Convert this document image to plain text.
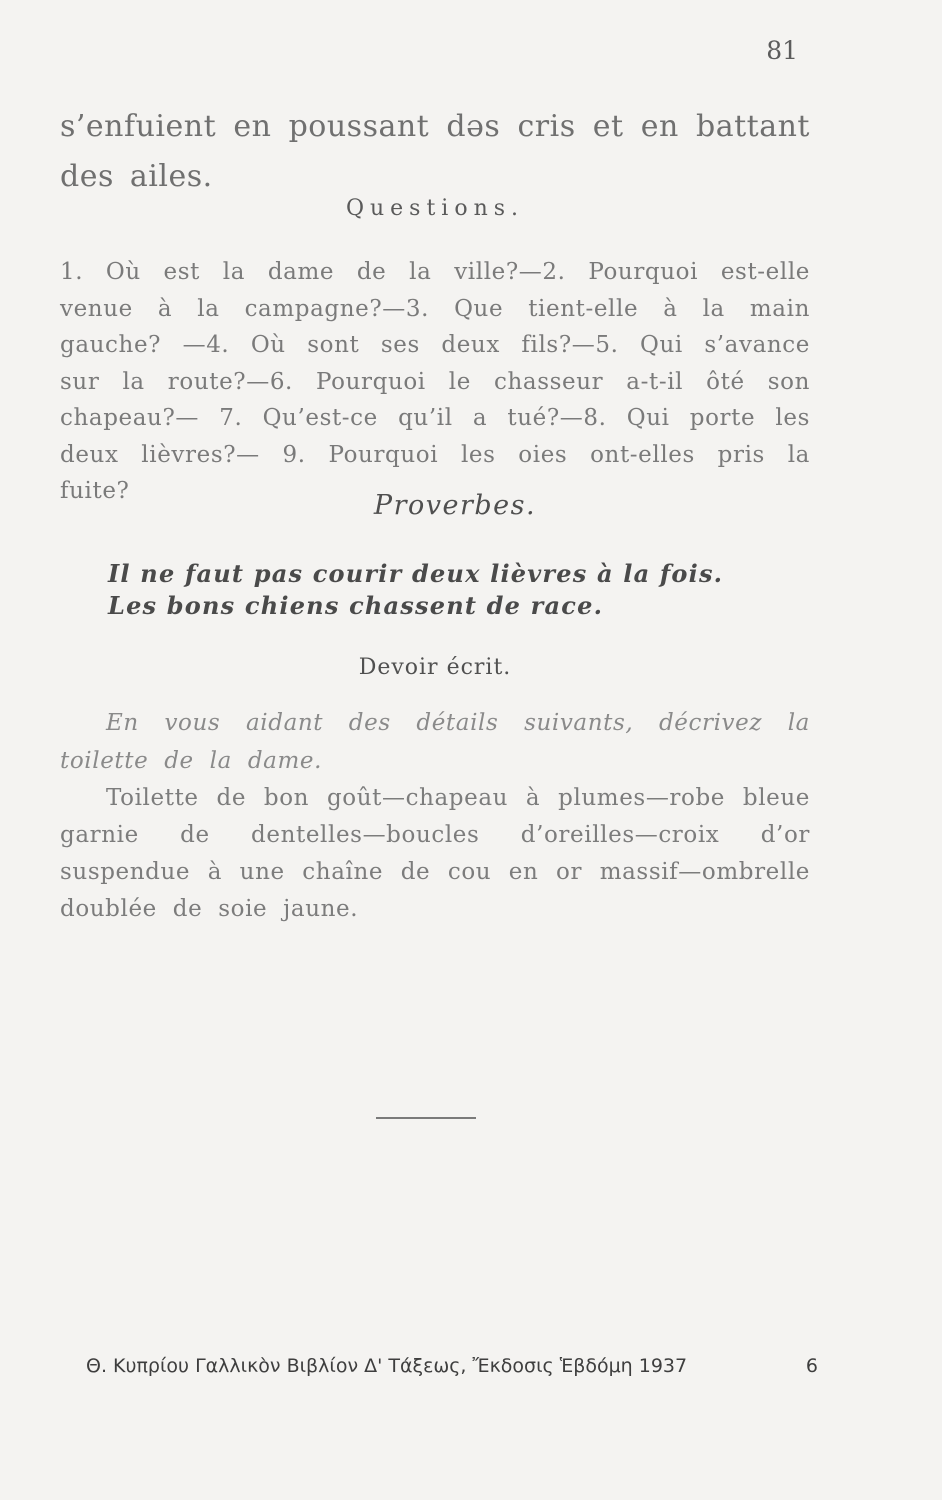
81
s’enfuient en poussant dəs cris et en battant des ailes.
Questions.
1. Où est la dame de la ville?—2. Pourquoi est-elle venue à la campagne?—3. Que tient-elle à la main gauche? —4. Où sont ses deux fils?—5. Qui s’avance sur la route?—6. Pourquoi le chasseur a-t-il ôté son chapeau?— 7. Qu’est-ce qu’il a tué?—8. Qui porte les deux lièvres?— 9. Pourquoi les oies ont-elles pris la fuite?	Proverbes.
Il ne faut pas courir deux lièvres à la fois.
Les bons chiens chassent de race.
Devoir écrit.
En vous aidant des détails suivants, décrivez la toilette de la dame.
Toilette de bon goût—chapeau à plumes—robe bleue garnie de dentelles—boucles d’oreilles—croix d’or suspendue à une chaîne de cou en or massif—ombrelle doublée de soie jaune.
Θ. Κυπρίου Γαλλικὸν Βιβλίον Δ' Τάξεως, Ἔκδοσις Ἑβδόμη 1937	6
